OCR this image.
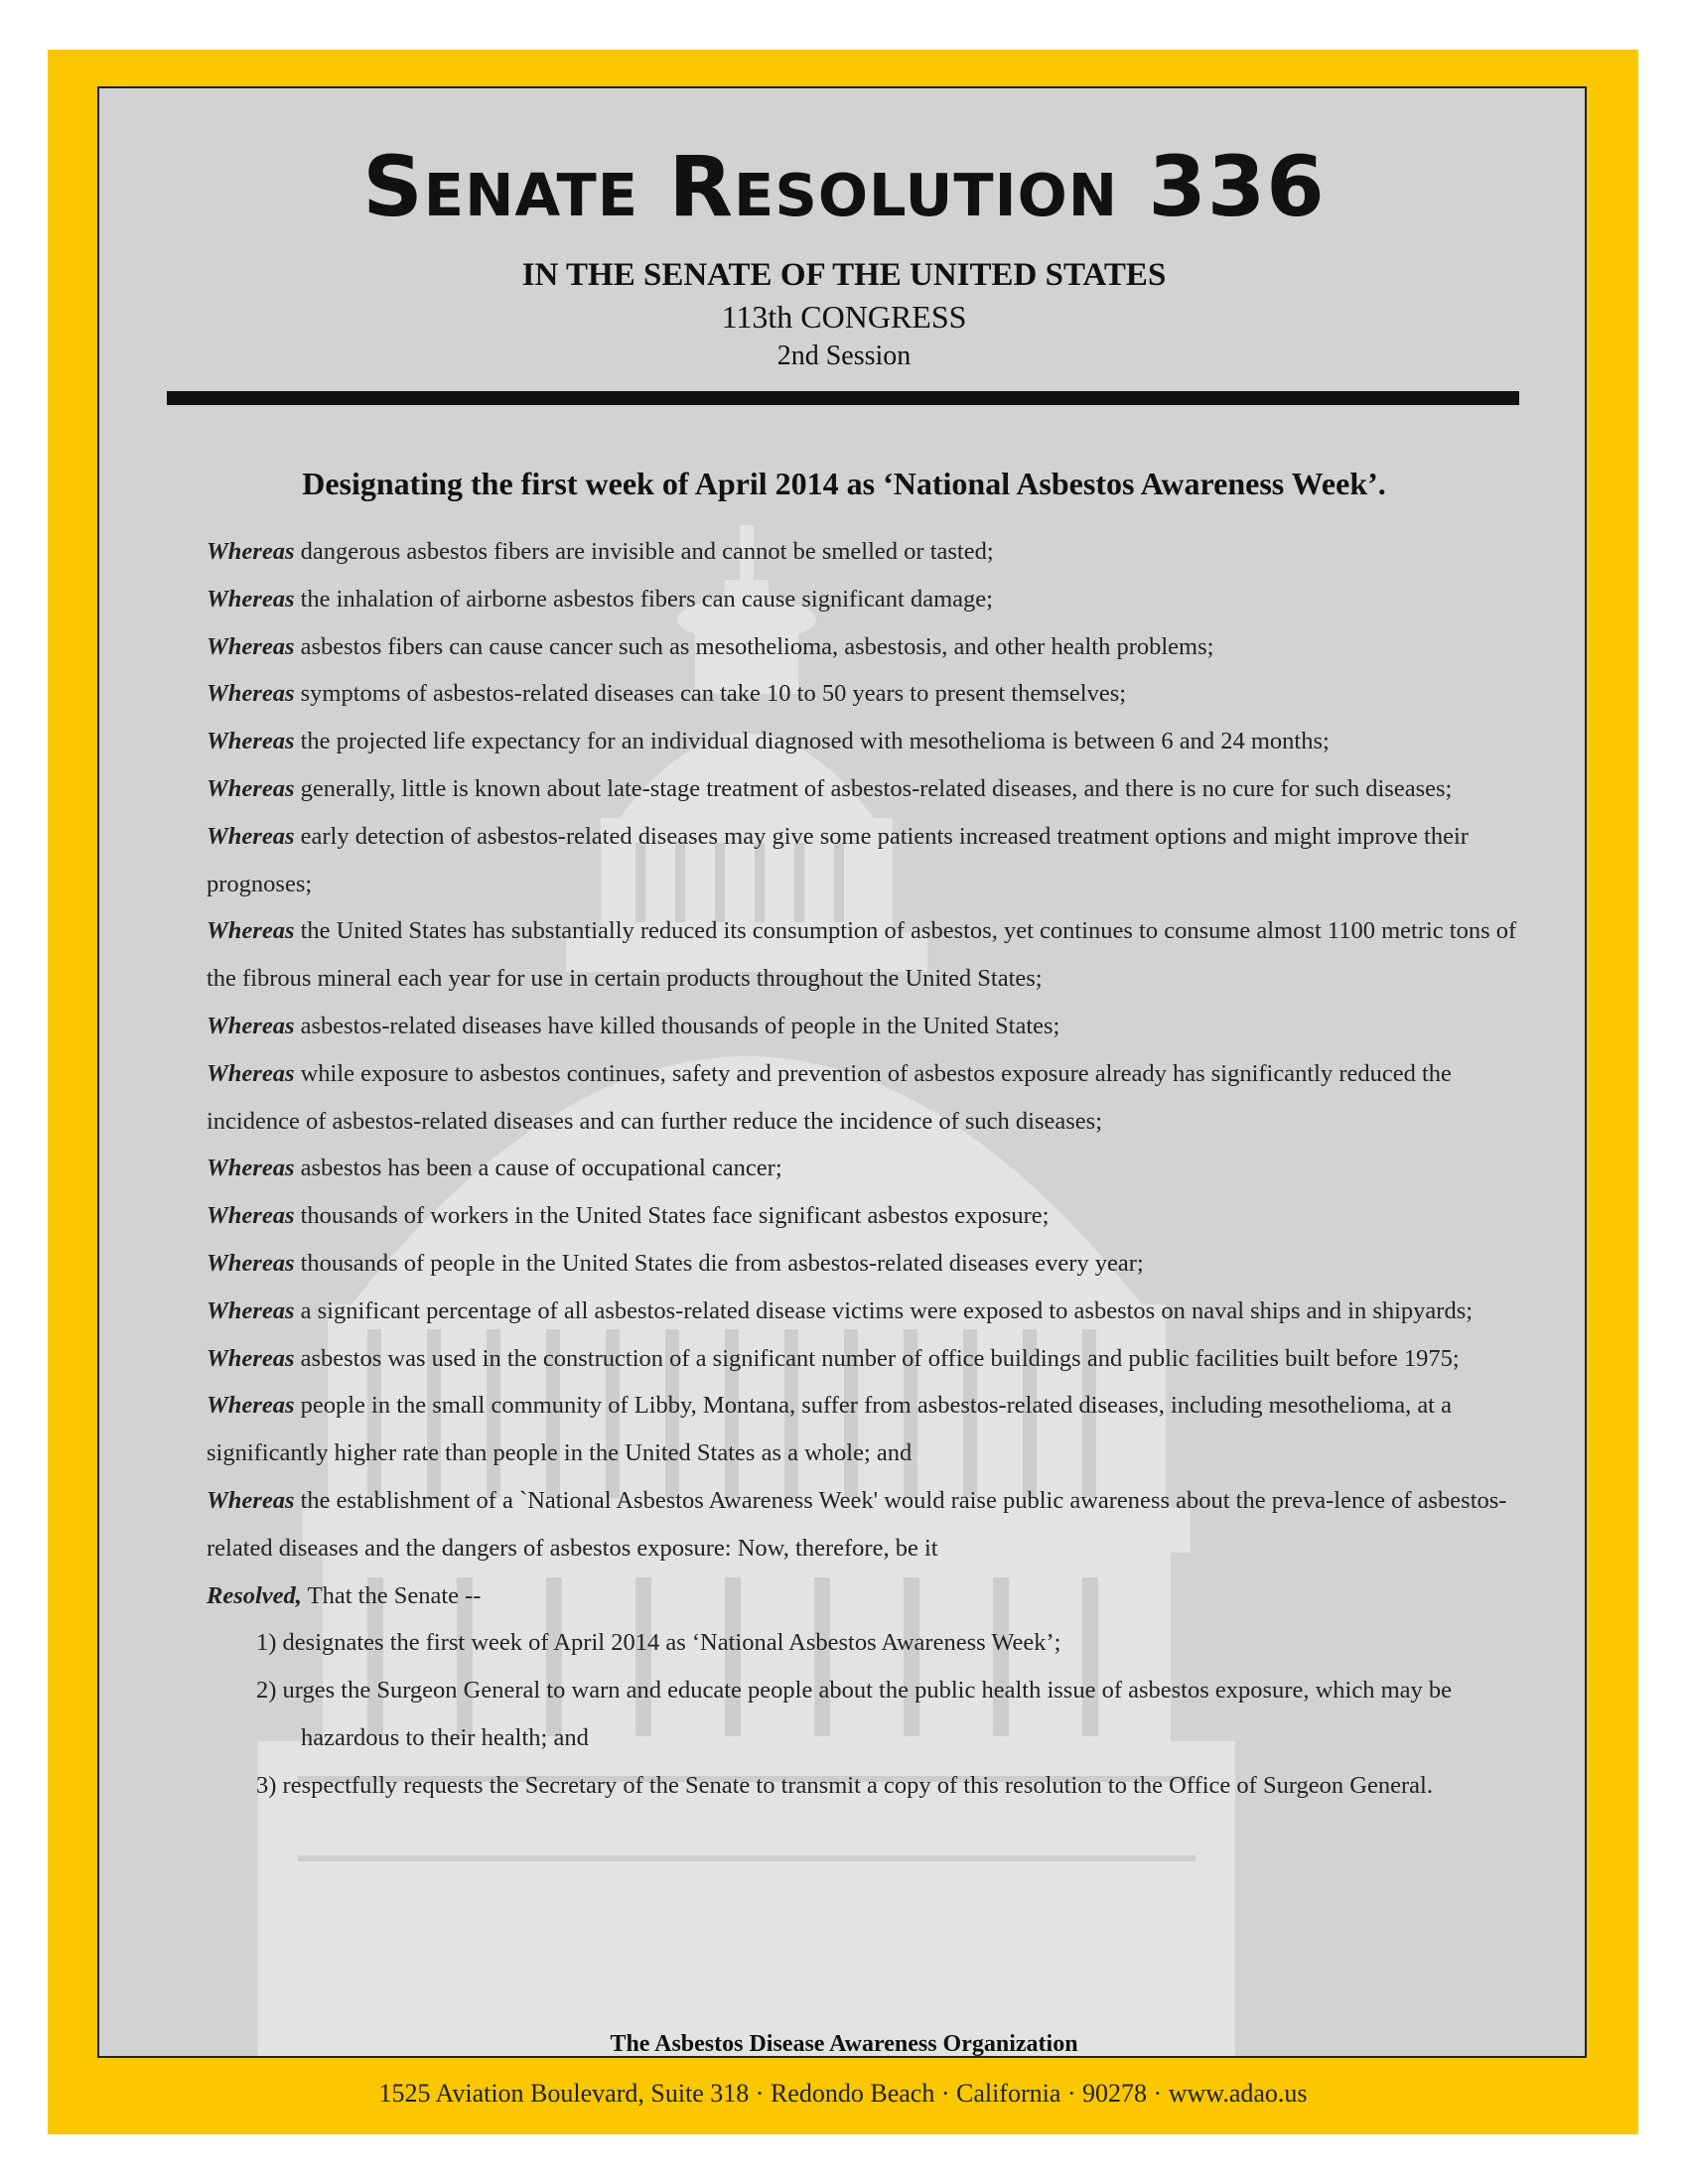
Senate Resolution 336
IN THE SENATE OF THE UNITED STATES
113th CONGRESS
2nd Session
Designating the first week of April 2014 as ‘National Asbestos Awareness Week’.

Whereas dangerous asbestos fibers are invisible and cannot be smelled or tasted;

Whereas the inhalation of airborne asbestos fibers can cause significant damage;

Whereas asbestos fibers can cause cancer such as mesothelioma, asbestosis, and other health problems;

Whereas symptoms of asbestos-related diseases can take 10 to 50 years to present themselves;

Whereas the projected life expectancy for an individual diagnosed with mesothelioma is between 6 and 24 months;

Whereas generally, little is known about late-stage treatment of asbestos-related diseases, and there is no cure for such diseases;

Whereas early detection of asbestos-related diseases may give some patients increased treatment options and might improve their prognoses;

Whereas the United States has substantially reduced its consumption of asbestos, yet continues to consume almost 1100 metric tons of the fibrous mineral each year for use in certain products throughout the United States;

Whereas asbestos-related diseases have killed thousands of people in the United States;

Whereas while exposure to asbestos continues, safety and prevention of asbestos exposure already has significantly reduced the incidence of asbestos-related diseases and can further reduce the incidence of such diseases;

Whereas asbestos has been a cause of occupational cancer;

Whereas thousands of workers in the United States face significant asbestos exposure;

Whereas thousands of people in the United States die from asbestos-related diseases every year;

Whereas a significant percentage of all asbestos-related disease victims were exposed to asbestos on naval ships and in shipyards;

Whereas asbestos was used in the construction of a significant number of office buildings and public facilities built before 1975;

Whereas people in the small community of Libby, Montana, suffer from asbestos-related diseases, including mesothelioma, at a significantly higher rate than people in the United States as a whole; and

Whereas the establishment of a `National Asbestos Awareness Week' would raise public awareness about the preva-lence of asbestos-related diseases and the dangers of asbestos exposure: Now, therefore, be it

Resolved, That the Senate --

1) designates the first week of April 2014 as ‘National Asbestos Awareness Week’;

2) urges the Surgeon General to warn and educate people about the public health issue of asbestos exposure, which may be hazardous to their health; and

3) respectfully requests the Secretary of the Senate to transmit a copy of this resolution to the Office of Surgeon General.

The Asbestos Disease Awareness Organization
1525 Aviation Boulevard, Suite 318 · Redondo Beach · California · 90278 · www.adao.us
